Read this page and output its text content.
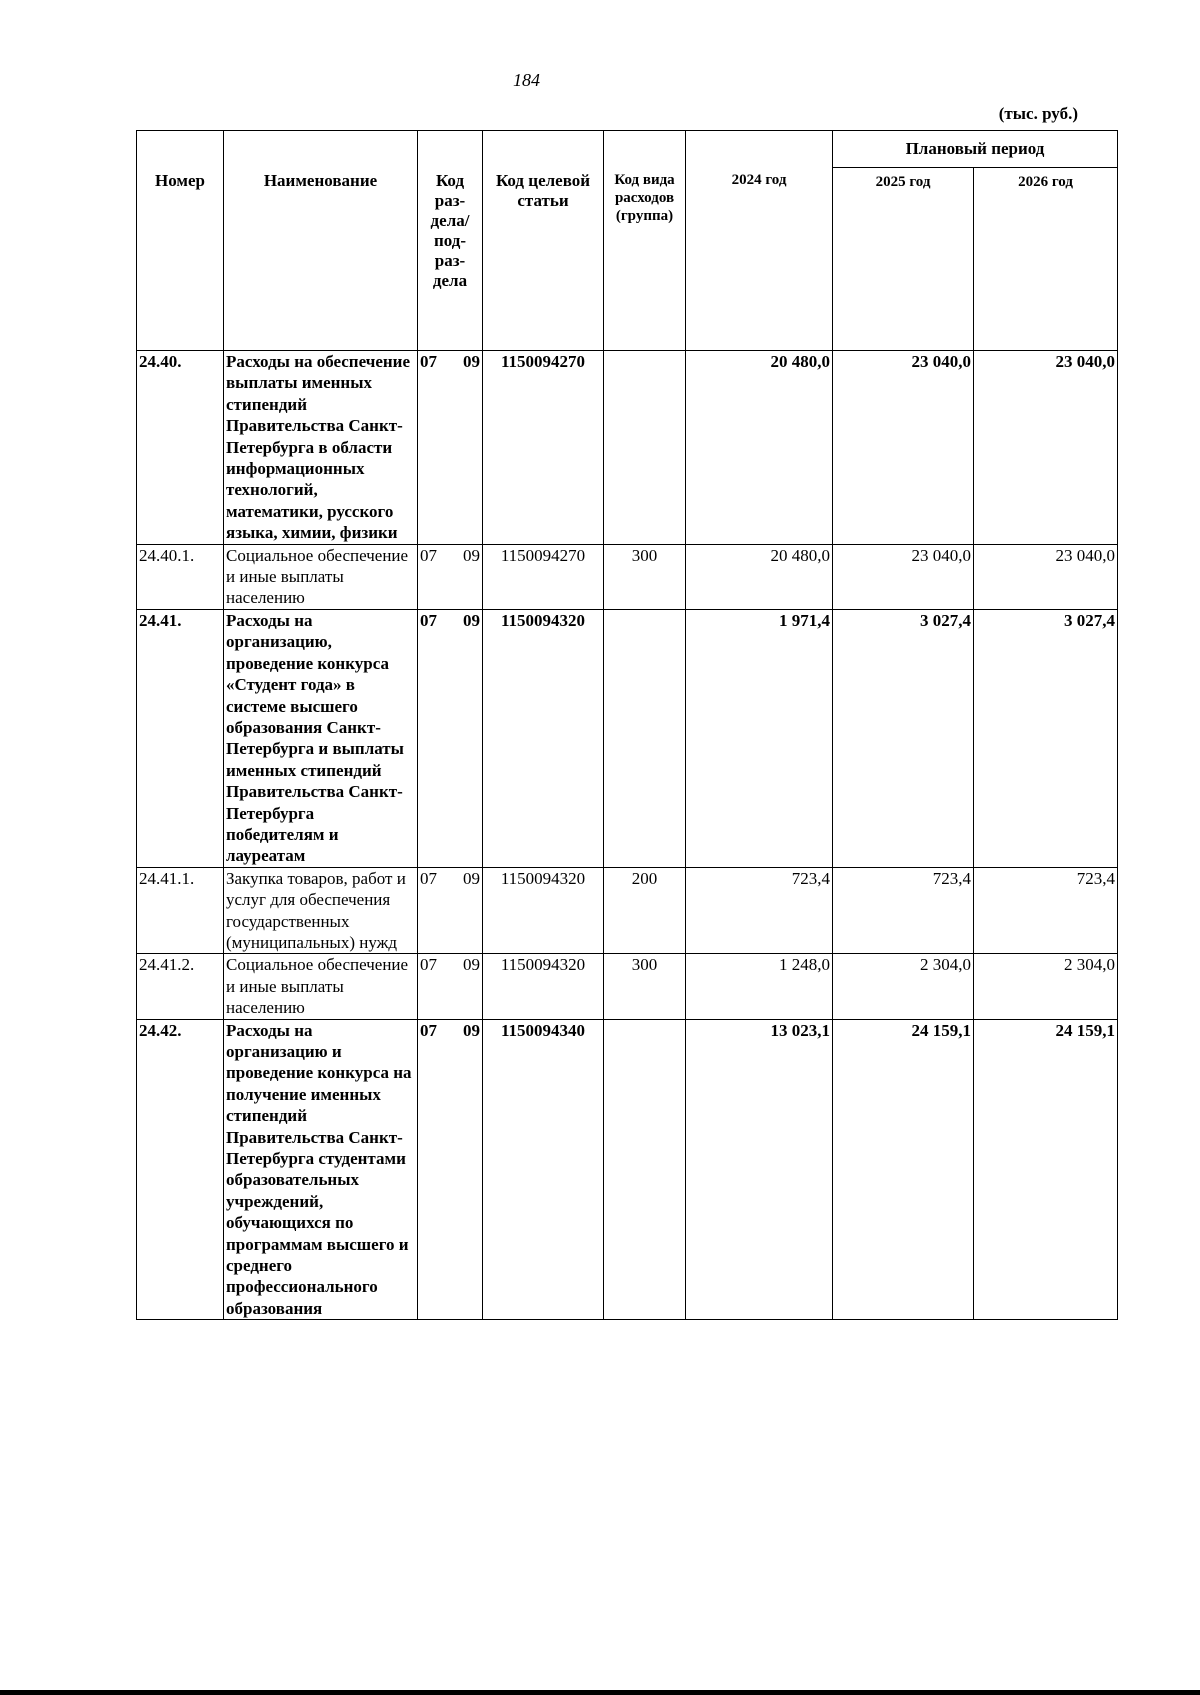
184
(тыс. руб.)
Номер	Наименование	Код раз- дела/ под- раз- дела	Код целевой статьи	Код вида расходов (группа)	2024 год	Плановый период	
						2025 год	2026 год
24.40.	Расходы на обеспечение выплаты именных стипендий Правительства Санкт-Петербурга в области информационных технологий, математики, русского языка, химии, физики	07 09	1150094270		20 480,0	23 040,0	23 040,0
24.40.1.	Социальное обеспечение и иные выплаты населению	07 09	1150094270	300	20 480,0	23 040,0	23 040,0
24.41.	Расходы на организацию, проведение конкурса «Студент года» в системе высшего образования Санкт-Петербурга и выплаты именных стипендий Правительства Санкт-Петербурга победителям и лауреатам	07 09	1150094320		1 971,4	3 027,4	3 027,4
24.41.1.	Закупка товаров, работ и услуг для обеспечения государственных (муниципальных) нужд	07 09	1150094320	200	723,4	723,4	723,4
24.41.2.	Социальное обеспечение и иные выплаты населению	07 09	1150094320	300	1 248,0	2 304,0	2 304,0
24.42.	Расходы на организацию и проведение конкурса на получение именных стипендий Правительства Санкт-Петербурга студентами образовательных учреждений, обучающихся по программам высшего и среднего профессионального образования	07 09	1150094340		13 023,1	24 159,1	24 159,1
